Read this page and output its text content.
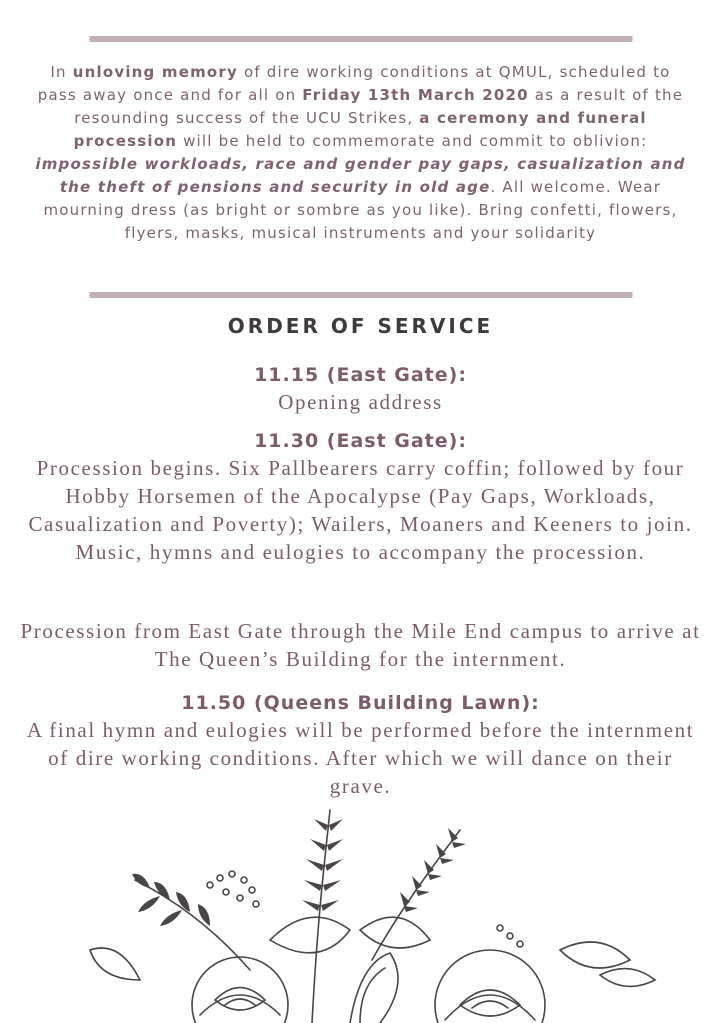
In unloving memory of dire working conditions at QMUL, scheduled to pass away once and for all on Friday 13th March 2020 as a result of the resounding success of the UCU Strikes, a ceremony and funeral procession will be held to commemorate and commit to oblivion: impossible workloads, race and gender pay gaps, casualization and the theft of pensions and security in old age. All welcome. Wear mourning dress (as bright or sombre as you like). Bring confetti, flowers, flyers, masks, musical instruments and your solidarity
ORDER OF SERVICE
11.15 (East Gate):
Opening address
11.30 (East Gate):
Procession begins. Six Pallbearers carry coffin; followed by four Hobby Horsemen of the Apocalypse (Pay Gaps, Workloads, Casualization and Poverty); Wailers, Moaners and Keeners to join. Music, hymns and eulogies to accompany the procession.
Procession from East Gate through the Mile End campus to arrive at The Queen’s Building for the internment.
11.50 (Queens Building Lawn):
A final hymn and eulogies will be performed before the internment of dire working conditions. After which we will dance on their grave.
